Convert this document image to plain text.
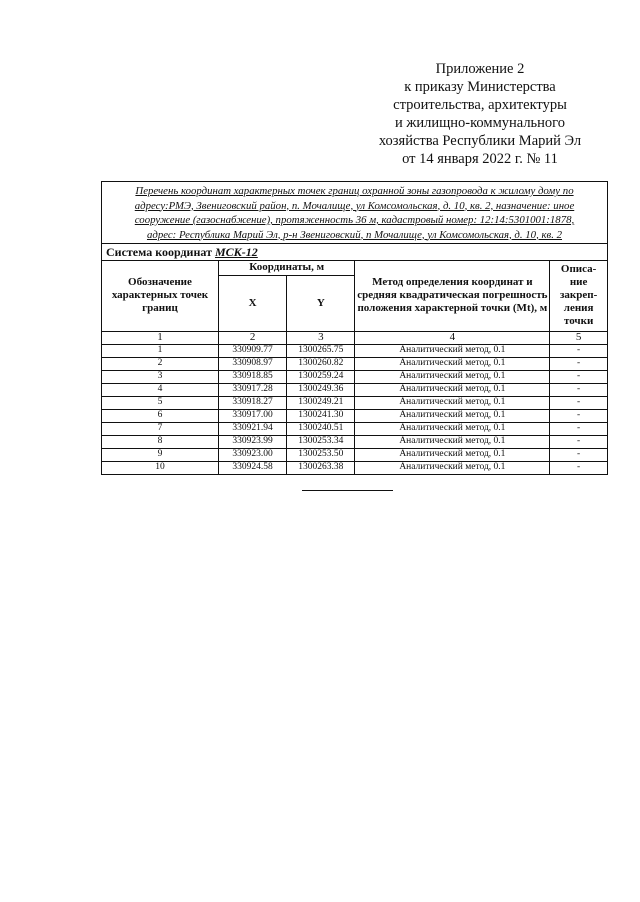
Приложение 2
к приказу Министерства
строительства, архитектуры
и жилищно-коммунального
хозяйства Республики Марий Эл
от 14 января 2022 г. № 11
Перечень координат характерных точек границ охранной зоны газопровода к жилому дому по
адресу:РМЭ, Звениговский район, п. Мочалище, ул Комсомольская, д. 10, кв. 2, назначение: иное
сооружение (газоснабжение), протяженность 36 м, кадастровый номер: 12:14:5301001:1878,
адрес: Республика Марий Эл, р-н Звениговский, п Мочалище, ул Комсомольская, д. 10, кв. 2
Система координат МСК-12
Обозначение характерных точек границ	Координаты, м		Метод определения координат и средняя квадратическая погрешность положения характерной точки (Mt), м	Описа-ние закреп-ления точки
	X	Y		
1	2	3	4	5
1	330909.77	1300265.75	Аналитический метод, 0.1	-
2	330908.97	1300260.82	Аналитический метод, 0.1	-
3	330918.85	1300259.24	Аналитический метод, 0.1	-
4	330917.28	1300249.36	Аналитический метод, 0.1	-
5	330918.27	1300249.21	Аналитический метод, 0.1	-
6	330917.00	1300241.30	Аналитический метод, 0.1	-
7	330921.94	1300240.51	Аналитический метод, 0.1	-
8	330923.99	1300253.34	Аналитический метод, 0.1	-
9	330923.00	1300253.50	Аналитический метод, 0.1	-
10	330924.58	1300263.38	Аналитический метод, 0.1	-
